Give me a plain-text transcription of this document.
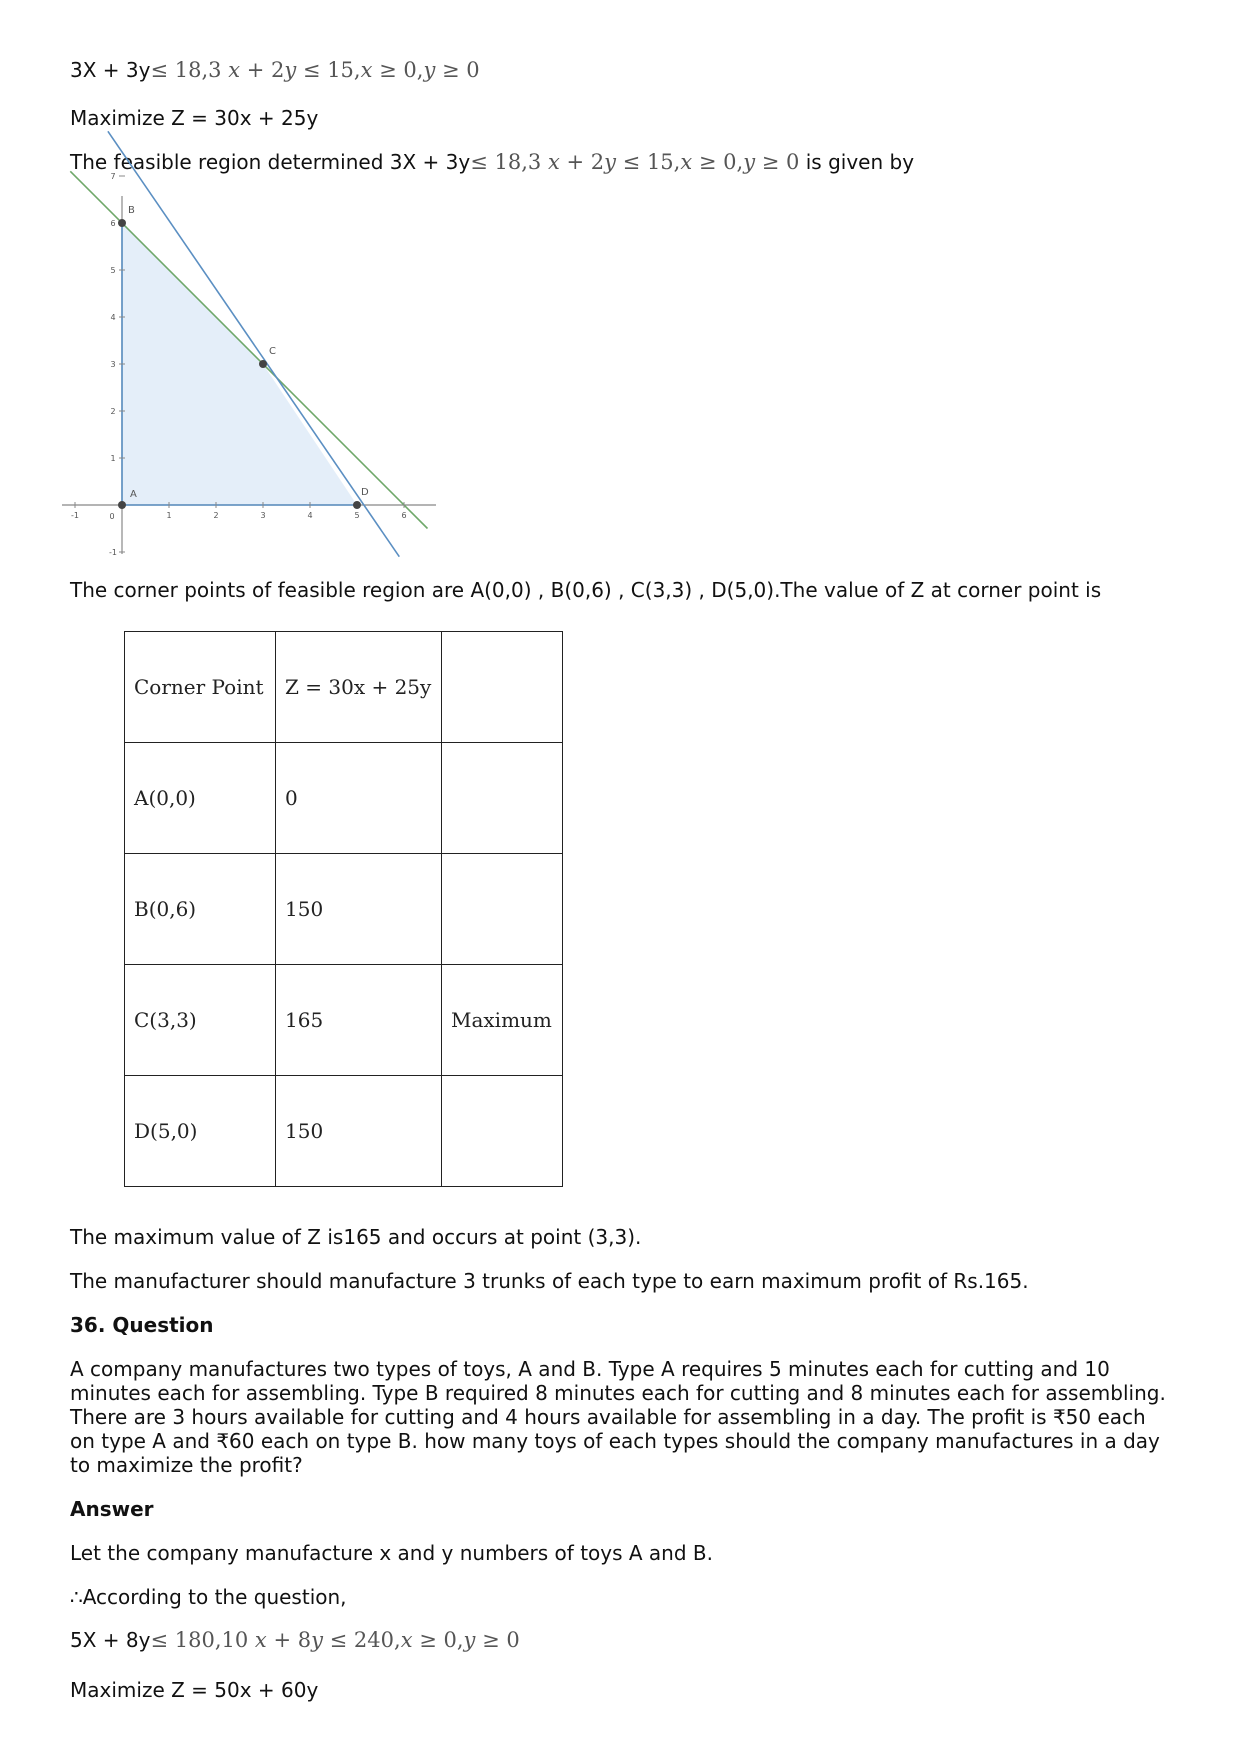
3X + 3y≤ 18,3 x + 2y ≤ 15,x ≥ 0,y ≥ 0
Maximize Z = 30x + 25y
The feasible region determined 3X + 3y≤ 18,3 x + 2y ≤ 15,x ≥ 0,y ≥ 0 is given by
-1	1	2	3	4	5	6
0
-1
1
2
3
4
5
6
7
A
B
C
D
The corner points of feasible region are A(0,0) , B(0,6) , C(3,3) , D(5,0).The value of Z at corner point is
Corner Point	Z = 30x + 25y	
A(0,0)	0	
B(0,6)	150	
C(3,3)	165	Maximum
D(5,0)	150	
The maximum value of Z is165 and occurs at point (3,3).
The manufacturer should manufacture 3 trunks of each type to earn maximum profit of Rs.165.
36. Question
A company manufactures two types of toys, A and B. Type A requires 5 minutes each for cutting and 10
minutes each for assembling. Type B required 8 minutes each for cutting and 8 minutes each for assembling.
There are 3 hours available for cutting and 4 hours available for assembling in a day. The profit is ₹50 each
on type A and ₹60 each on type B. how many toys of each types should the company manufactures in a day
to maximize the profit?
Answer
Let the company manufacture x and y numbers of toys A and B.
∴According to the question,
5X + 8y≤ 180,10 x + 8y ≤ 240,x ≥ 0,y ≥ 0
Maximize Z = 50x + 60y
